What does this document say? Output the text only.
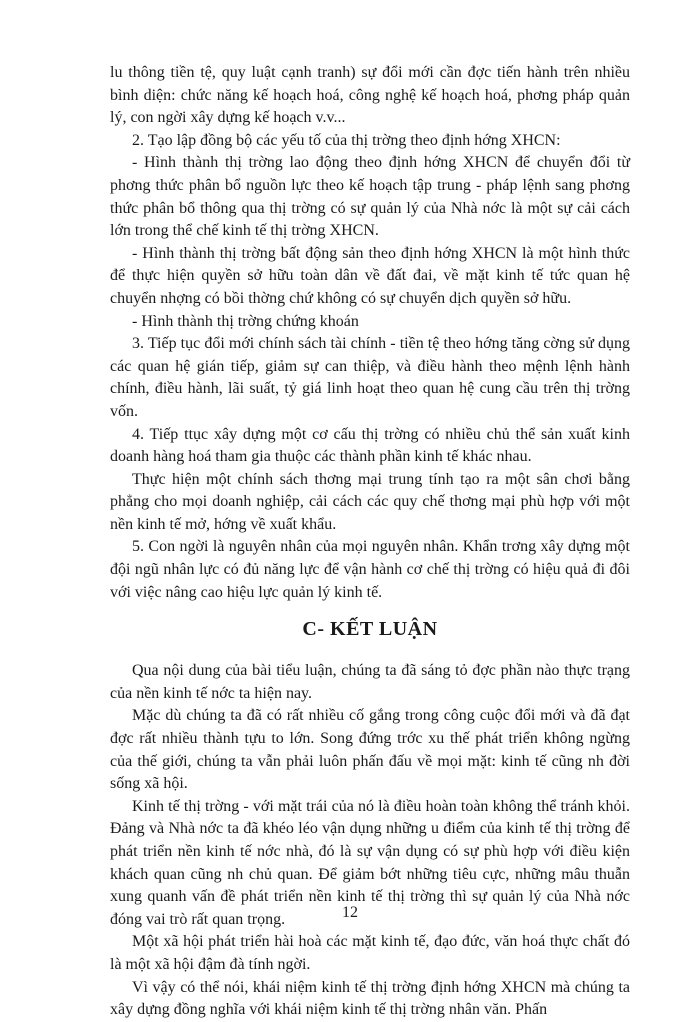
lu thông tiền tệ, quy luật cạnh tranh) sự đổi mới cần đợc tiến hành trên nhiều bình diện: chức năng kế hoạch hoá, công nghệ kế hoạch hoá, phơng pháp quản lý, con ngời xây dựng kế hoạch v.v...

2. Tạo lập đồng bộ các yếu tố của thị trờng theo định hớng XHCN:

- Hình thành thị trờng lao động theo định hớng XHCN để chuyển đổi từ phơng thức phân bổ nguồn lực theo kế hoạch tập trung - pháp lệnh sang phơng thức phân bổ thông qua thị trờng có sự quản lý của Nhà nớc là một sự cải cách lớn trong thể chế kinh tế thị trờng XHCN.

- Hình thành thị trờng bất động sản theo định hớng XHCN là một hình thức để thực hiện quyền sở hữu toàn dân về đất đai, về mặt kinh tế tức quan hệ chuyển nhợng có bồi thờng chứ không có sự chuyển dịch quyền sở hữu.

- Hình thành thị trờng chứng khoán

3. Tiếp tục đổi mới chính sách tài chính - tiền tệ theo hớng tăng cờng sử dụng các quan hệ gián tiếp, giảm sự can thiệp, và điều hành theo mệnh lệnh hành chính, điều hành, lãi suất, tỷ giá linh hoạt theo quan hệ cung cầu trên thị trờng vốn.

4. Tiếp ttục xây dựng một cơ cấu thị trờng có nhiều chủ thể sản xuất kinh doanh hàng hoá tham gia thuộc các thành phần kinh tế khác nhau.

Thực hiện một chính sách thơng mại trung tính tạo ra một sân chơi bằng phẳng cho mọi doanh nghiệp, cải cách các quy chế thơng mại phù hợp với một nền kinh tế mở, hớng về xuất khẩu.

5. Con ngời là nguyên nhân của mọi nguyên nhân. Khẩn trơng xây dựng một đội ngũ nhân lực có đủ năng lực để vận hành cơ chế thị trờng có hiệu quả đi đôi với việc nâng cao hiệu lực quản lý kinh tế.

C- KẾT LUẬN

Qua nội dung của bài tiểu luận, chúng ta đã sáng tỏ đợc phần nào thực trạng của nền kinh tế nớc ta hiện nay.

Mặc dù chúng ta đã có rất nhiều cố gắng trong công cuộc đổi mới và đã đạt đợc rất nhiều thành tựu to lớn. Song đứng trớc xu thế phát triển không ngừng của thế giới, chúng ta vẫn phải luôn phấn đấu về mọi mặt: kinh tế cũng nh đời sống xã hội.

Kinh tế thị trờng - với mặt trái của nó là điều hoàn toàn không thể tránh khỏi. Đảng và Nhà nớc ta đã khéo léo vận dụng những u điểm của kinh tế thị trờng để phát triển nền kinh tế nớc nhà, đó là sự vận dụng có sự phù hợp với điều kiện khách quan cũng nh chủ quan. Để giảm bớt những tiêu cực, những mâu thuẫn xung quanh vấn đề phát triển nền kinh tế thị trờng thì sự quản lý của Nhà nớc đóng vai trò rất quan trọng.

Một xã hội phát triển hài hoà các mặt kinh tế, đạo đức, văn hoá thực chất đó là một xã hội đậm đà tính ngời.

Vì vậy có thể nói, khái niệm kinh tế thị trờng định hớng XHCN mà chúng ta xây dựng đồng nghĩa với khái niệm kinh tế thị trờng nhân văn. Phấn

12
